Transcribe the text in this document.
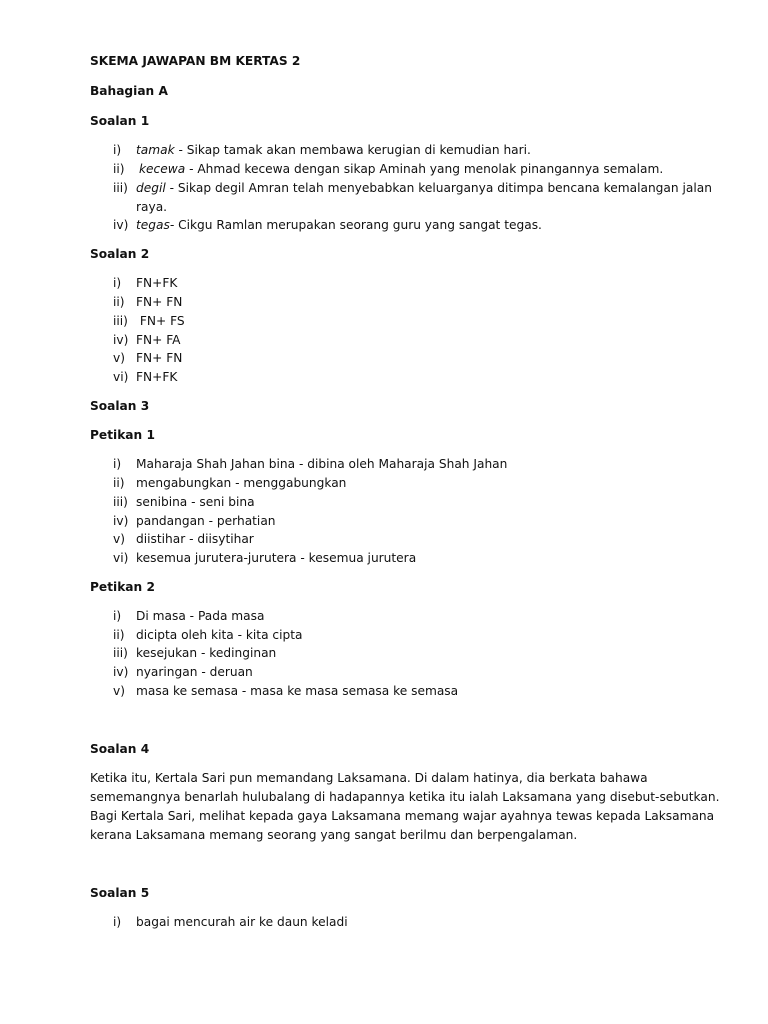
SKEMA JAWAPAN BM KERTAS 2
Bahagian A
Soalan 1
i) tamak - Sikap tamak akan membawa kerugian di kemudian hari.
ii) kecewa - Ahmad kecewa dengan sikap Aminah yang menolak pinangannya semalam.
iii) degil - Sikap degil Amran telah menyebabkan keluarganya ditimpa bencana kemalangan jalan
raya.
iv) tegas- Cikgu Ramlan merupakan seorang guru yang sangat tegas.
Soalan 2
i) FN+FK
ii) FN+ FN
iii) FN+ FS
iv) FN+ FA
v) FN+ FN
vi) FN+FK
Soalan 3
Petikan 1
i) Maharaja Shah Jahan bina - dibina oleh Maharaja Shah Jahan
ii) mengabungkan - menggabungkan
iii) senibina - seni bina
iv) pandangan - perhatian
v) diistihar - diisytihar
vi) kesemua jurutera-jurutera - kesemua jurutera
Petikan 2
i) Di masa - Pada masa
ii) dicipta oleh kita - kita cipta
iii) kesejukan - kedinginan
iv) nyaringan - deruan
v) masa ke semasa - masa ke masa semasa ke semasa
Soalan 4
Ketika itu, Kertala Sari pun memandang Laksamana. Di dalam hatinya, dia berkata bahawa
sememangnya benarlah hulubalang di hadapannya ketika itu ialah Laksamana yang disebut-sebutkan.
Bagi Kertala Sari, melihat kepada gaya Laksamana memang wajar ayahnya tewas kepada Laksamana
kerana Laksamana memang seorang yang sangat berilmu dan berpengalaman.
Soalan 5
i) bagai mencurah air ke daun keladi
